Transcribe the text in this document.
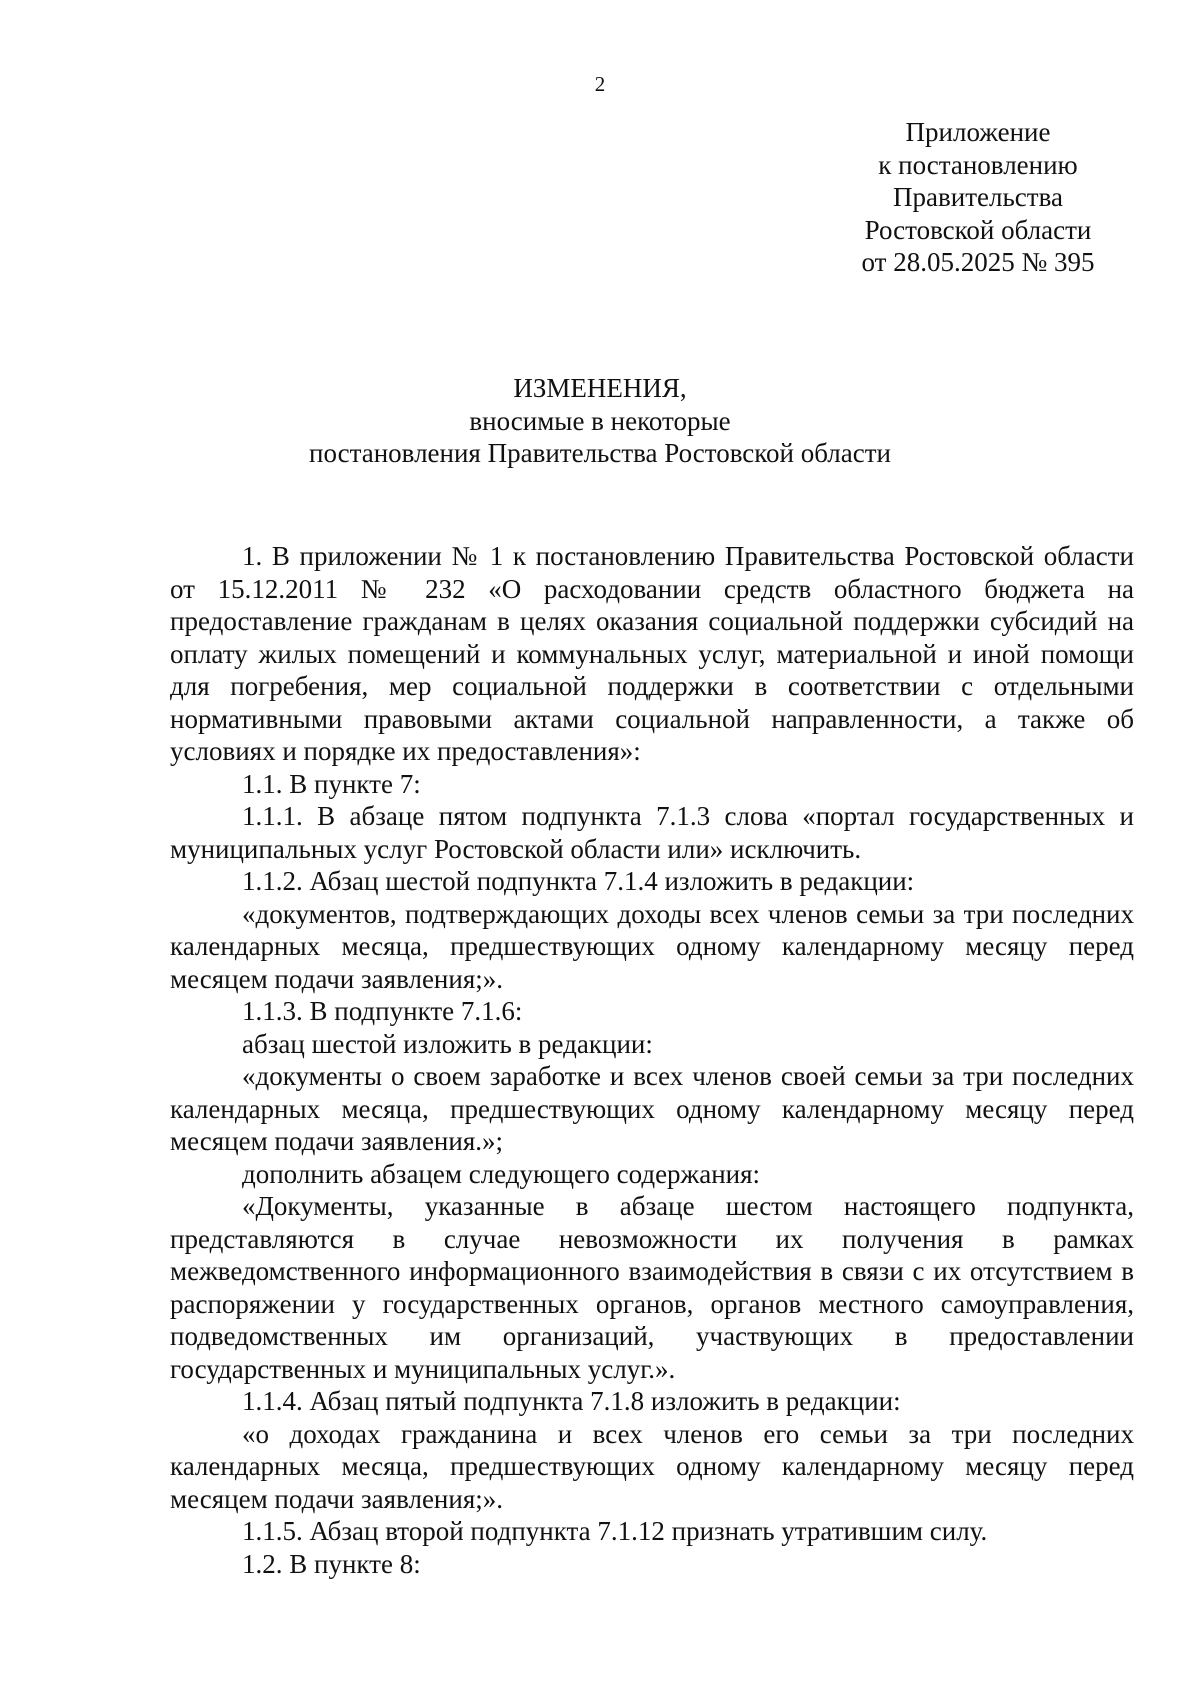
2
Приложение
к постановлению
Правительства
Ростовской области
от 28.05.2025 № 395
ИЗМЕНЕНИЯ,
вносимые в некоторые
постановления Правительства Ростовской области

1. В приложении № 1 к постановлению Правительства Ростовской области от 15.12.2011 № 232 «О расходовании средств областного бюджета на предоставление гражданам в целях оказания социальной поддержки субсидий на оплату жилых помещений и коммунальных услуг, материальной и иной помощи для погребения, мер социальной поддержки в соответствии с отдельными нормативными правовыми актами социальной направленности, а также об условиях и порядке их предоставления»:

1.1. В пункте 7:

1.1.1. В абзаце пятом подпункта 7.1.3 слова «портал государственных и муниципальных услуг Ростовской области или» исключить.

1.1.2. Абзац шестой подпункта 7.1.4 изложить в редакции:

«документов, подтверждающих доходы всех членов семьи за три последних календарных месяца, предшествующих одному календарному месяцу перед месяцем подачи заявления;».

1.1.3. В подпункте 7.1.6:

абзац шестой изложить в редакции:

«документы о своем заработке и всех членов своей семьи за три последних календарных месяца, предшествующих одному календарному месяцу перед месяцем подачи заявления.»;

дополнить абзацем следующего содержания:

«Документы, указанные в абзаце шестом настоящего подпункта, представляются в случае невозможности их получения в рамках межведомственного информационного взаимодействия в связи с их отсутствием в распоряжении у государственных органов, органов местного самоуправления, подведомственных им организаций, участвующих в предоставлении государственных и муниципальных услуг.».

1.1.4. Абзац пятый подпункта 7.1.8 изложить в редакции:

«о доходах гражданина и всех членов его семьи за три последних календарных месяца, предшествующих одному календарному месяцу перед месяцем подачи заявления;».

1.1.5. Абзац второй подпункта 7.1.12 признать утратившим силу.

1.2. В пункте 8:
